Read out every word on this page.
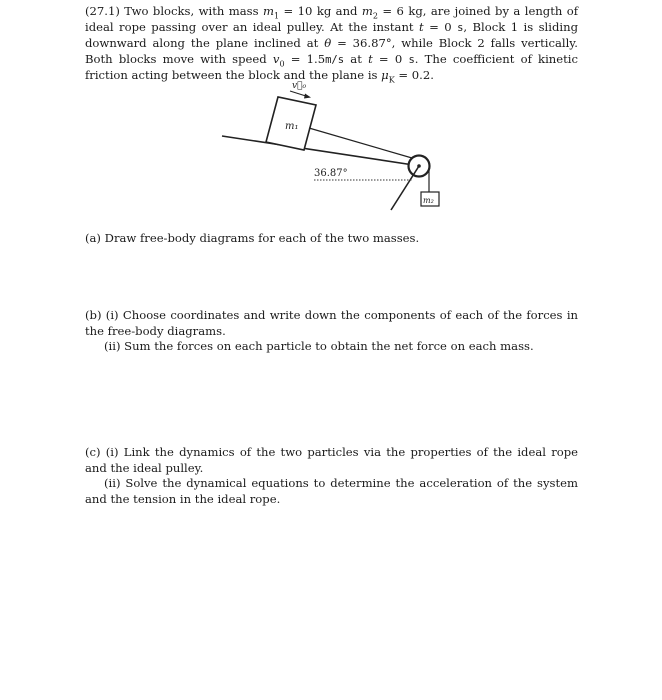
(27.1) Two blocks, with mass $m_1 = 10$ kg and $m_2 = 6$ kg, are joined by a length of ideal rope passing over an ideal pulley. At the instant t = 0 s, Block 1 is sliding downward along the plane inclined at θ = 36.87°, while Block 2 falls vertically. Both blocks move with speed $v_0 = 1.5m/s$ at t = 0 s. The coefficient of kinetic friction acting between the block and the plane is $\mu_K = 0.2$.

m₁
v⃗₀
m₂
36.87°

(a) Draw free-body diagrams for each of the two masses.

(b) (i) Choose coordinates and write down the components of each of the forces in the free-body diagrams.

(ii) Sum the forces on each particle to obtain the net force on each mass.

(c) (i) Link the dynamics of the two particles via the properties of the ideal rope and the ideal pulley.

(ii) Solve the dynamical equations to determine the acceleration of the system and the tension in the ideal rope.
